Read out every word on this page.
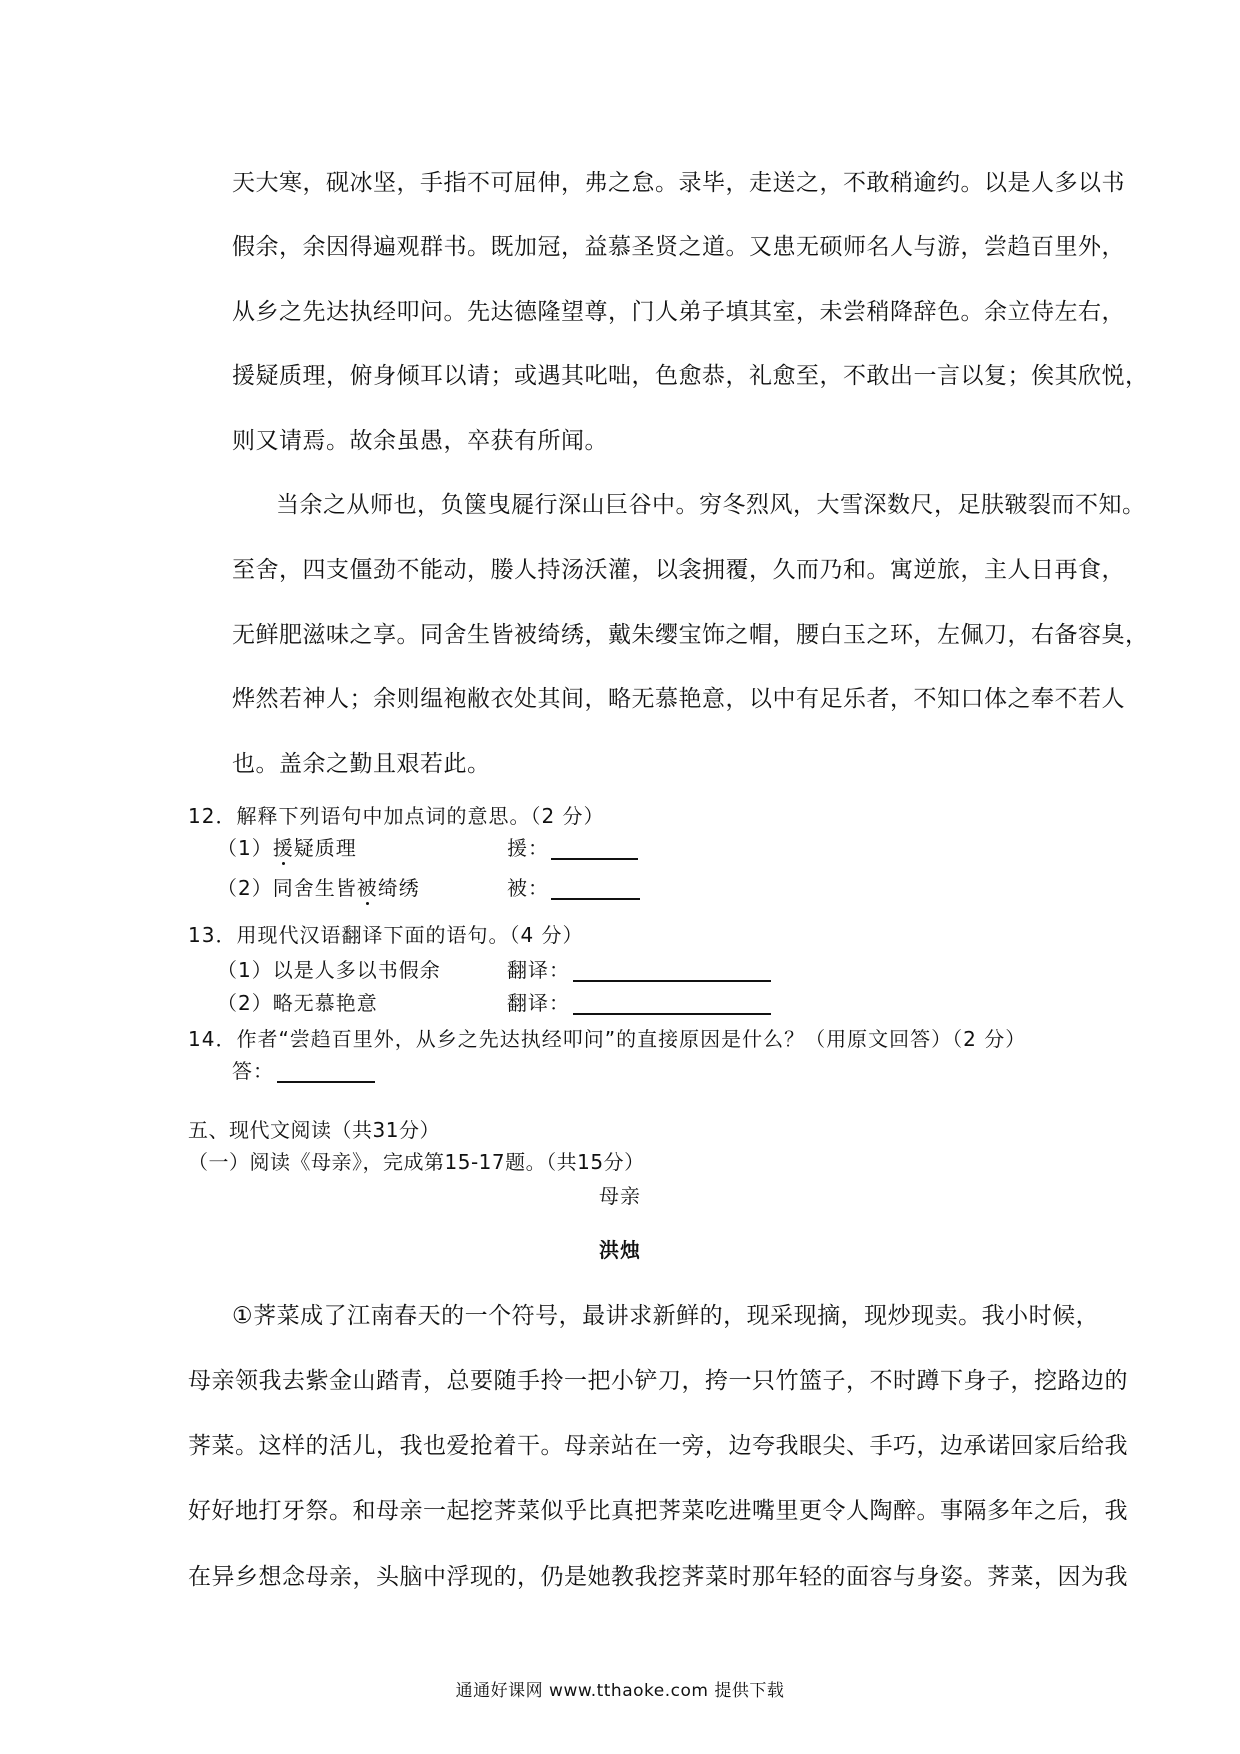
天大寒，砚冰坚，手指不可屈伸，弗之怠。录毕，走送之，不敢稍逾约。以是人多以书
假余，余因得遍观群书。既加冠，益慕圣贤之道。又患无硕师名人与游，尝趋百里外，
从乡之先达执经叩问。先达德隆望尊，门人弟子填其室，未尝稍降辞色。余立侍左右，
援疑质理，俯身倾耳以请；或遇其叱咄，色愈恭，礼愈至，不敢出一言以复；俟其欣悦，
则又请焉。故余虽愚，卒获有所闻。
当余之从师也，负箧曳屣行深山巨谷中。穷冬烈风，大雪深数尺，足肤皲裂而不知。
至舍，四支僵劲不能动，媵人持汤沃灌，以衾拥覆，久而乃和。寓逆旅，主人日再食，
无鲜肥滋味之享。同舍生皆被绮绣，戴朱缨宝饰之帽，腰白玉之环，左佩刀，右备容臭，
烨然若神人；余则缊袍敝衣处其间，略无慕艳意，以中有足乐者，不知口体之奉不若人
也。盖余之勤且艰若此。
12．解释下列语句中加点词的意思。（2 分）
（1）援疑质理	援：
（2）同舍生皆被绮绣	被：
13．用现代汉语翻译下面的语句。（4 分）
（1）以是人多以书假余	翻译：
（2）略无慕艳意	翻译：
14．作者“尝趋百里外，从乡之先达执经叩问”的直接原因是什么？（用原文回答）（2 分）
答：
五、现代文阅读（共31分）
（一）阅读《母亲》，完成第15-17题。（共15分）
母亲
洪烛
①荠菜成了江南春天的一个符号，最讲求新鲜的，现采现摘，现炒现卖。我小时候，
母亲领我去紫金山踏青，总要随手拎一把小铲刀，挎一只竹篮子，不时蹲下身子，挖路边的
荠菜。这样的活儿，我也爱抢着干。母亲站在一旁，边夸我眼尖、手巧，边承诺回家后给我
好好地打牙祭。和母亲一起挖荠菜似乎比真把荠菜吃进嘴里更令人陶醉。事隔多年之后，我
在异乡想念母亲，头脑中浮现的，仍是她教我挖荠菜时那年轻的面容与身姿。荠菜，因为我
通通好课网 www.tthaoke.com 提供下载
